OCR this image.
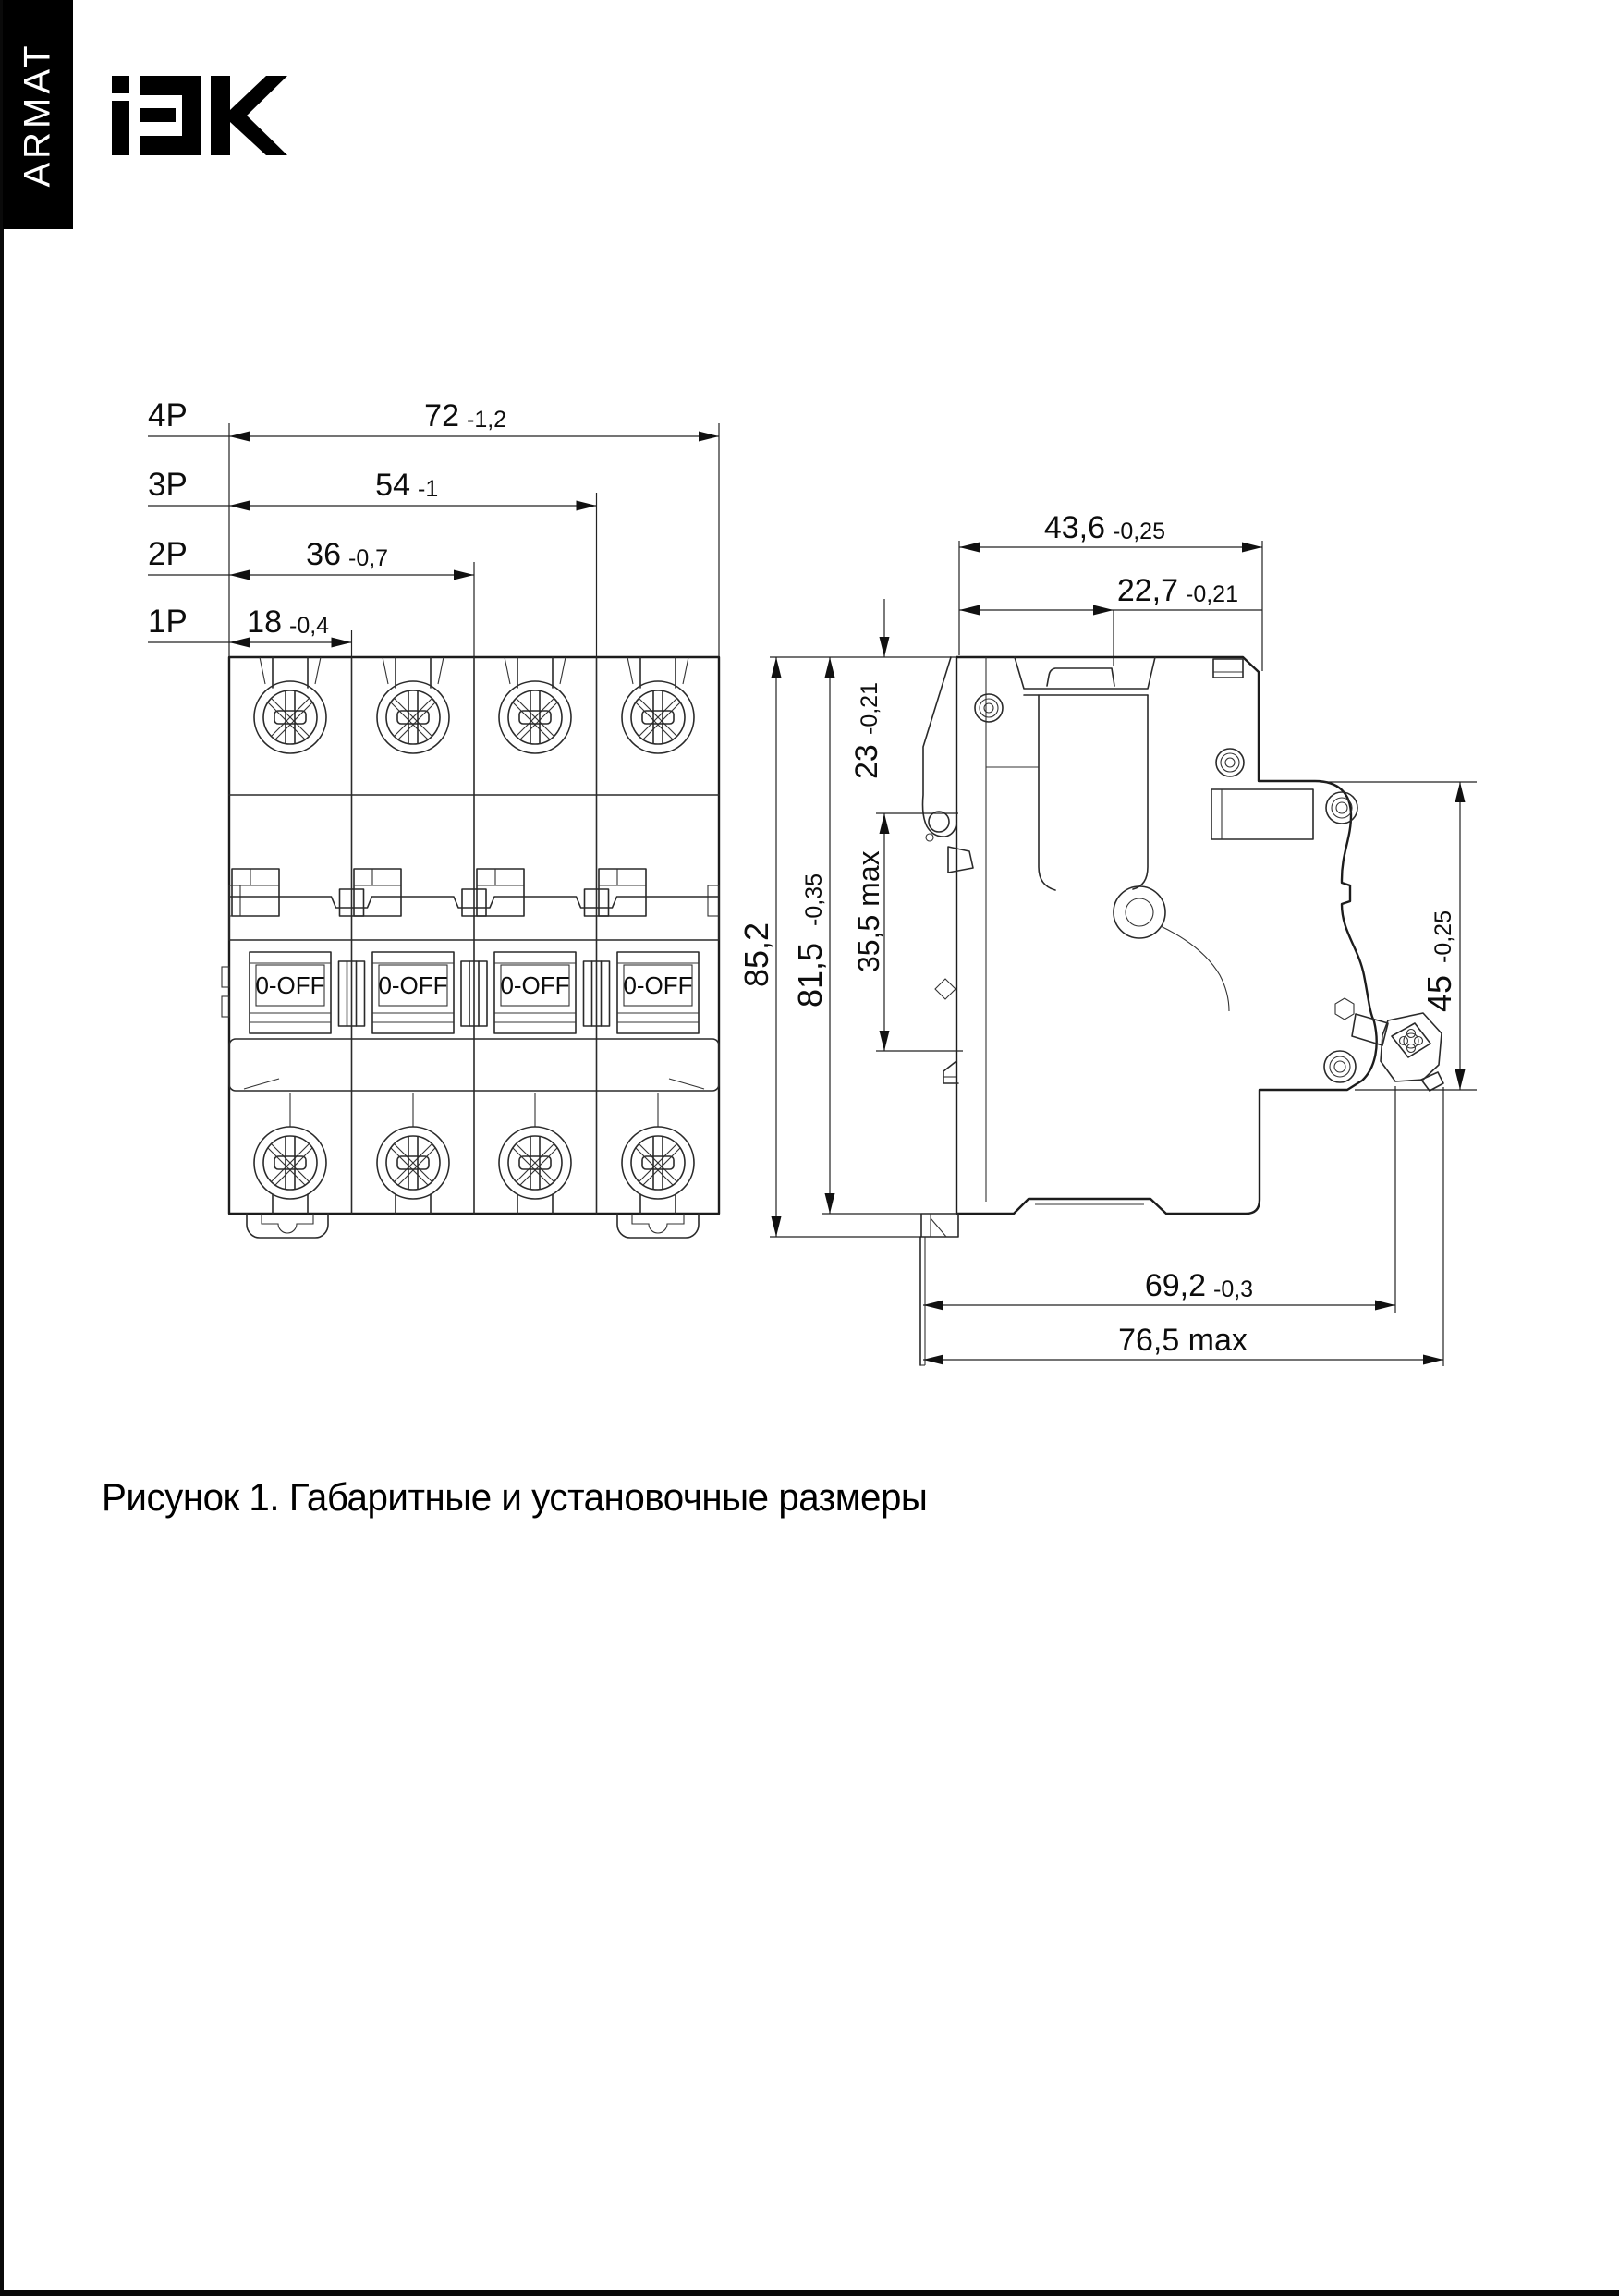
ARMAT
0-OFF 0-OFF 0-OFF 0-OFF
4P
3P
2P
1P
72 -1,2
54 -1
36 -0,7
18 -0,4
43,6 -0,25
22,7 -0,21
23
-0,21
35,5 max
85,2 81,5
-0,35
45
-0,25
69,2 -0,3
76,5 max
Рисунок 1. Габаритные и установочные размеры
